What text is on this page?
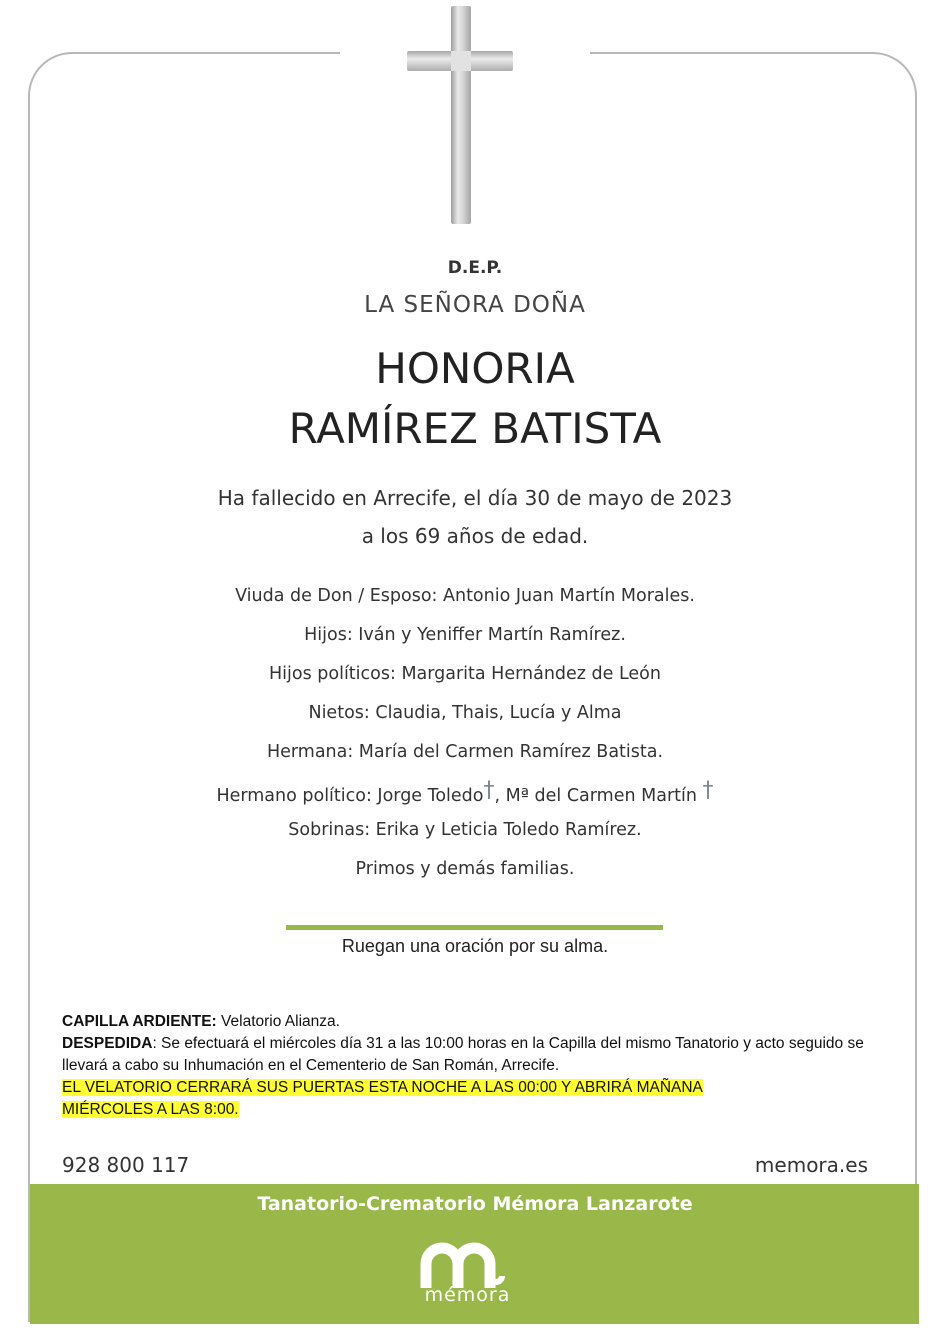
D.E.P.
LA SEÑORA DOÑA
HONORIA
RAMÍREZ BATISTA
Ha fallecido en Arrecife, el día 30 de mayo de 2023
a los 69 años de edad.
Viuda de Don / Esposo: Antonio Juan Martín Morales.
Hijos: Iván y Yeniffer Martín Ramírez.
Hijos políticos: Margarita Hernández de León
Nietos: Claudia, Thais, Lucía y Alma
Hermana: María del Carmen Ramírez Batista.
Hermano político: Jorge Toledo†, Mª del Carmen Martín †
Sobrinas: Erika y Leticia Toledo Ramírez.
Primos y demás familias.
Ruegan una oración por su alma.
CAPILLA ARDIENTE: Velatorio Alianza.
DESPEDIDA: Se efectuará el miércoles día 31 a las 10:00 horas en la Capilla del mismo Tanatorio y acto seguido se llevará a cabo su Inhumación en el Cementerio de San Román, Arrecife.
EL VELATORIO CERRARÁ SUS PUERTAS ESTA NOCHE A LAS 00:00 Y ABRIRÁ MAÑANA
MIÉRCOLES A LAS 8:00.
928 800 117	memora.es
Tanatorio-Crematorio Mémora Lanzarote
mémora
